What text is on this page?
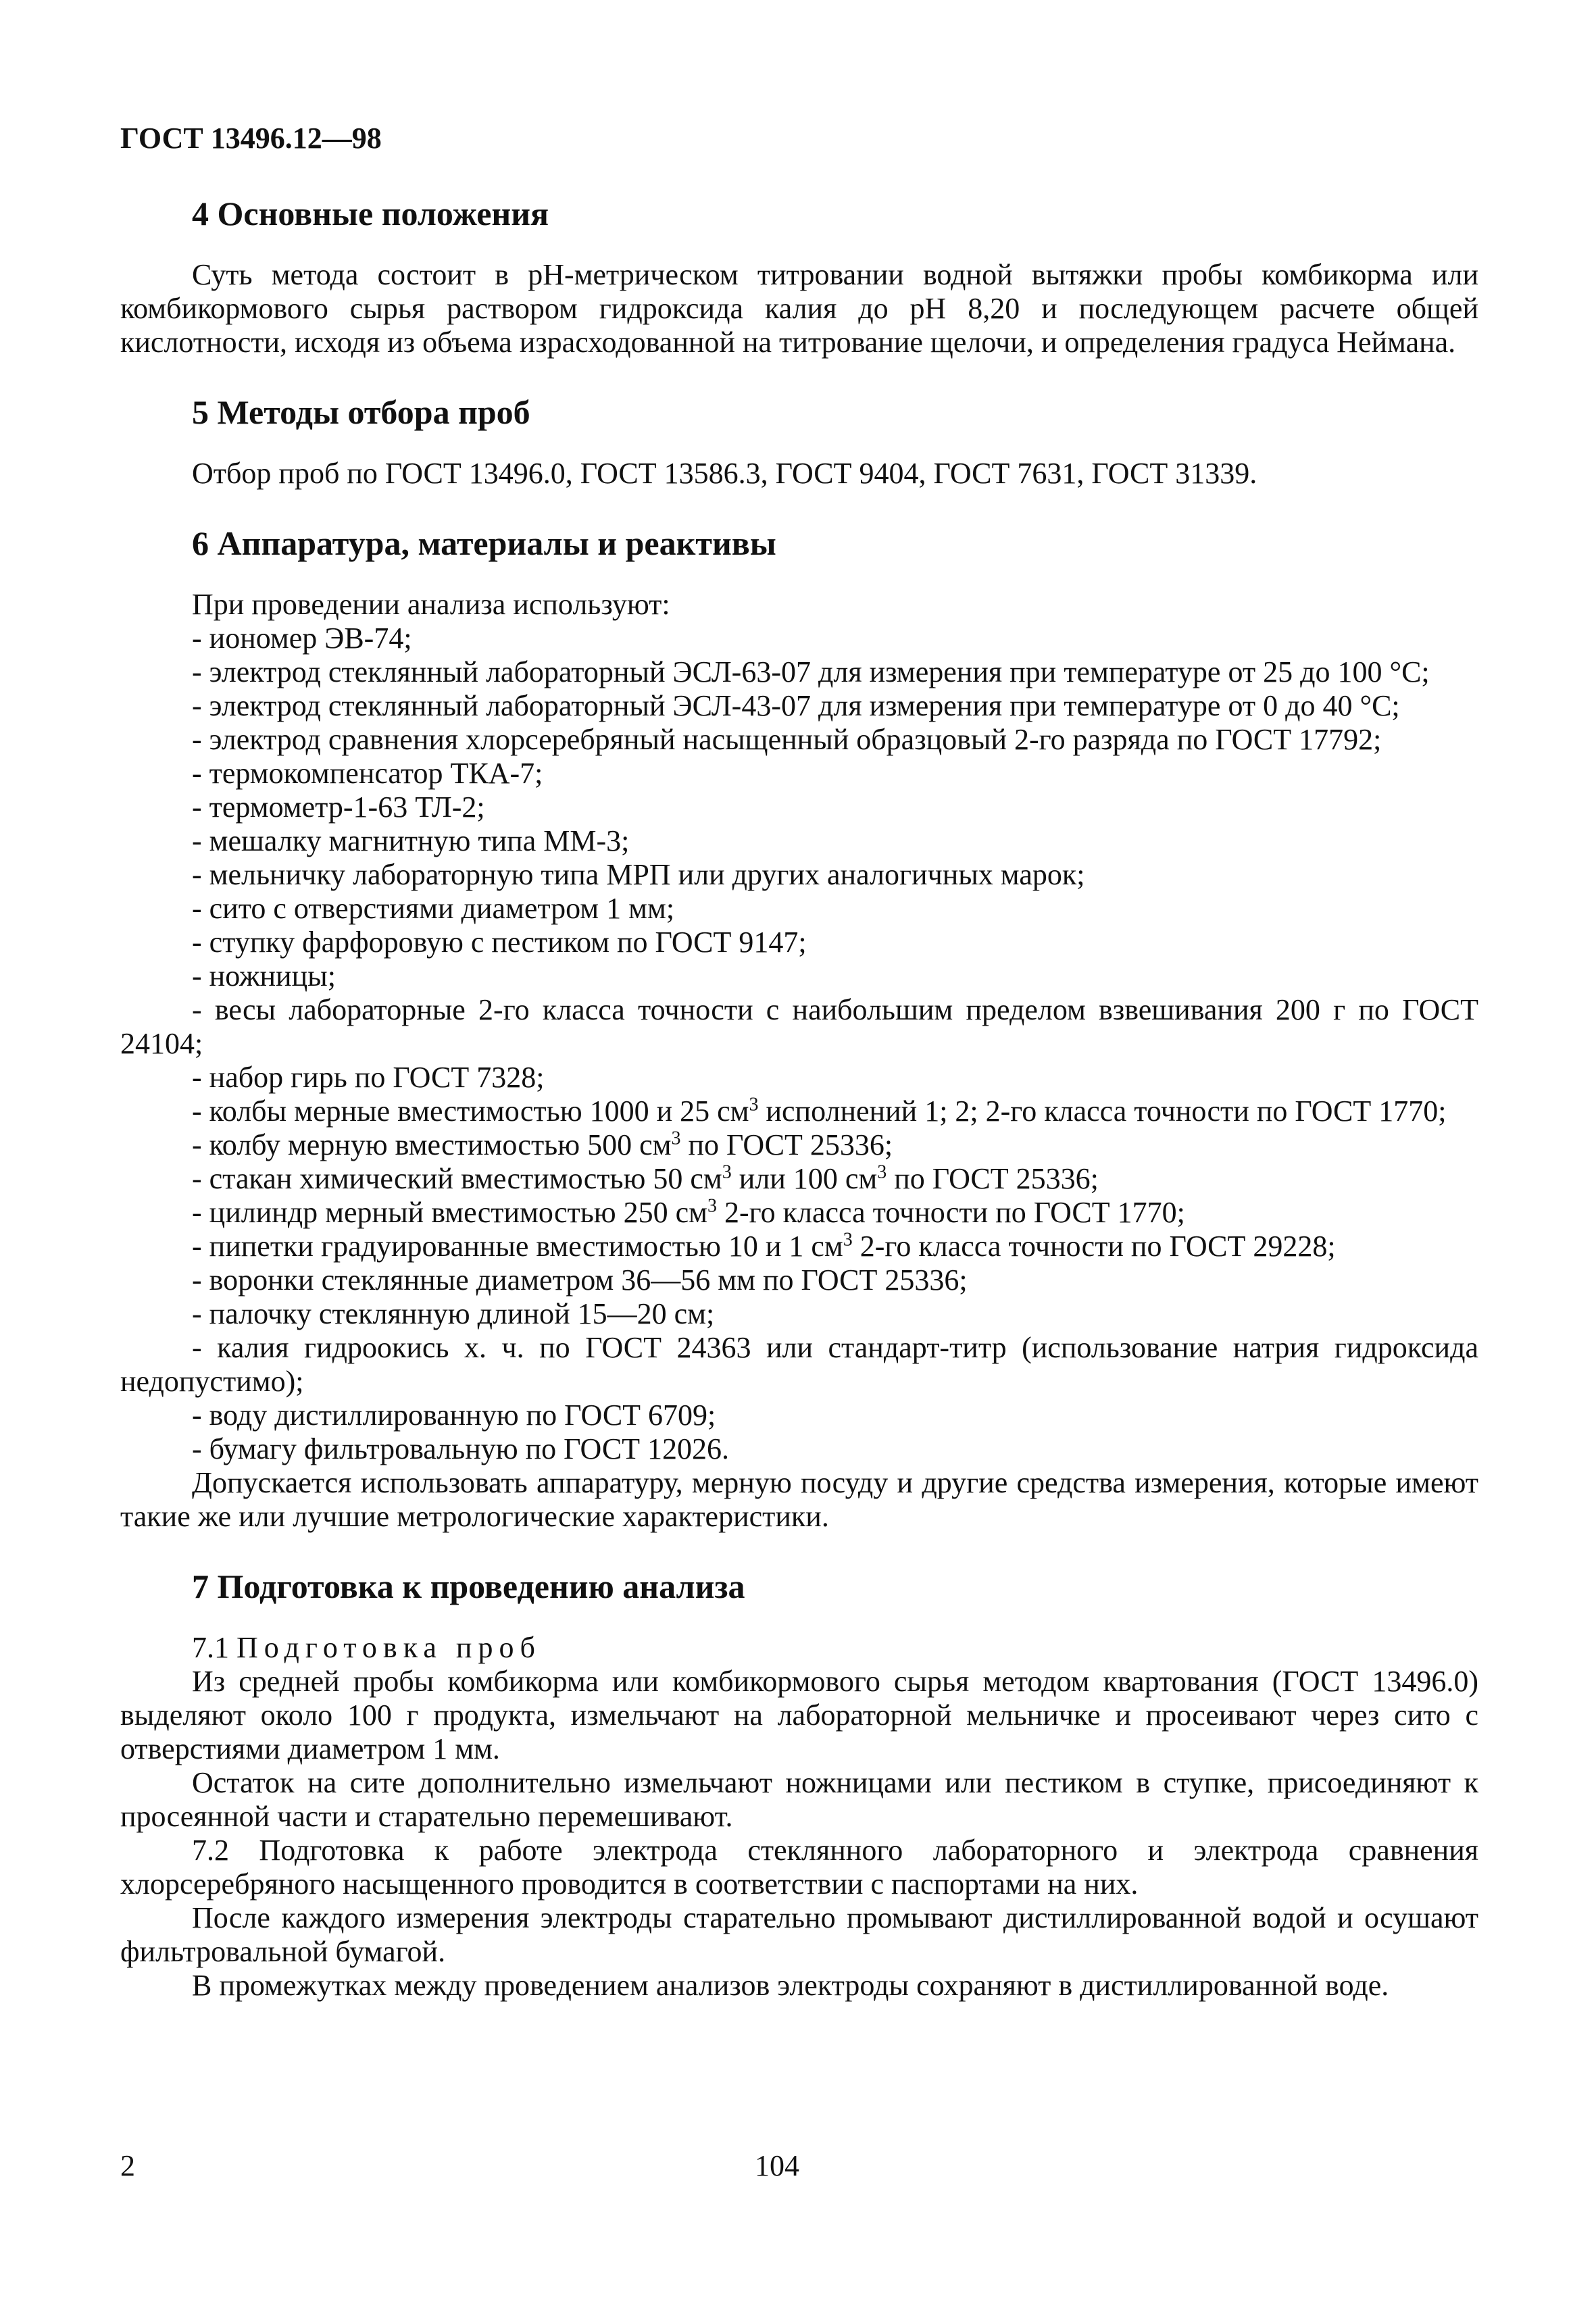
ГОСТ 13496.12—98
4 Основные положения

Суть метода состоит в рН-метрическом титровании водной вытяжки пробы комбикорма или комбикормового сырья раствором гидроксида калия до рН 8,20 и последующем расчете общей кислотности, исходя из объема израсходованной на титрование щелочи, и определения градуса Неймана.

5 Методы отбора проб

Отбор проб по ГОСТ 13496.0, ГОСТ 13586.3, ГОСТ 9404, ГОСТ 7631, ГОСТ 31339.

6 Аппаратура, материалы и реактивы

При проведении анализа используют:

- иономер ЭВ-74;
- электрод стеклянный лабораторный ЭСЛ-63-07 для измерения при температуре от 25 до 100 °С;
- электрод стеклянный лабораторный ЭСЛ-43-07 для измерения при температуре от 0 до 40 °С;
- электрод сравнения хлорсеребряный насыщенный образцовый 2-го разряда по ГОСТ 17792;
- термокомпенсатор ТКА-7;
- термометр-1-63 ТЛ-2;
- мешалку магнитную типа ММ-3;
- мельничку лабораторную типа МРП или других аналогичных марок;
- сито с отверстиями диаметром 1 мм;
- ступку фарфоровую с пестиком по ГОСТ 9147;
- ножницы;
- весы лабораторные 2-го класса точности с наибольшим пределом взвешивания 200 г по ГОСТ 24104;
- набор гирь по ГОСТ 7328;
- колбы мерные вместимостью 1000 и 25 $см^3$ исполнений 1; 2; 2-го класса точности по ГОСТ 1770;
- колбу мерную вместимостью 500 $см^3$ по ГОСТ 25336;
- стакан химический вместимостью 50 $см^3$ или 100 $см^3$ по ГОСТ 25336;
- цилиндр мерный вместимостью 250 $см^3$ 2-го класса точности по ГОСТ 1770;
- пипетки градуированные вместимостью 10 и 1 $см^3$ 2-го класса точности по ГОСТ 29228;
- воронки стеклянные диаметром 36—56 мм по ГОСТ 25336;
- палочку стеклянную длиной 15—20 см;
- калия гидроокись х. ч. по ГОСТ 24363 или стандарт-титр (использование натрия гидроксида недопустимо);
- воду дистиллированную по ГОСТ 6709;
- бумагу фильтровальную по ГОСТ 12026.

Допускается использовать аппаратуру, мерную посуду и другие средства измерения, которые имеют такие же или лучшие метрологические характеристики.

7 Подготовка к проведению анализа

7.1 Подготовка проб

Из средней пробы комбикорма или комбикормового сырья методом квартования (ГОСТ 13496.0) выделяют около 100 г продукта, измельчают на лабораторной мельничке и просеивают через сито с отверстиями диаметром 1 мм.

Остаток на сите дополнительно измельчают ножницами или пестиком в ступке, присоединяют к просеянной части и старательно перемешивают.

7.2 Подготовка к работе электрода стеклянного лабораторного и электрода сравнения хлорсеребряного насыщенного проводится в соответствии с паспортами на них.

После каждого измерения электроды старательно промывают дистиллированной водой и осушают фильтровальной бумагой.

В промежутках между проведением анализов электроды сохраняют в дистиллированной воде.

2	104
